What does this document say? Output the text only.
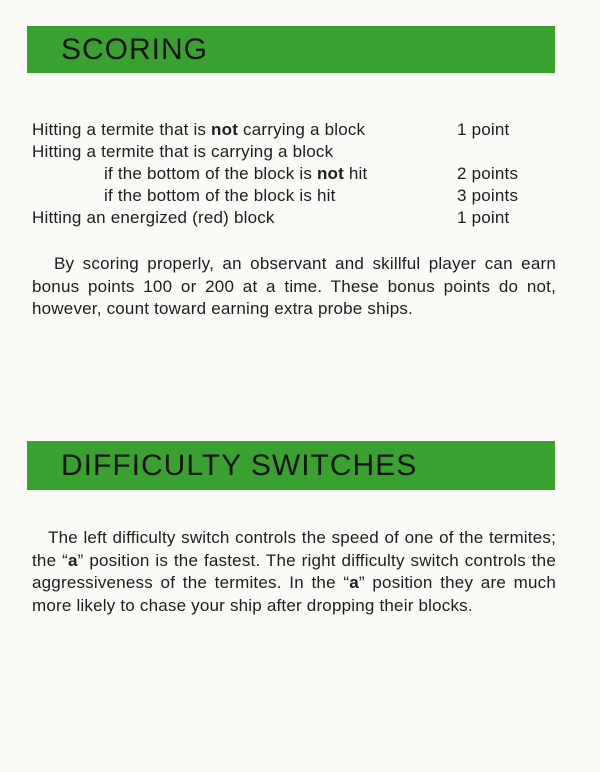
SCORING
Hitting a termite that is not carrying a block	1 point
Hitting a termite that is carrying a block
if the bottom of the block is not hit	2 points
if the bottom of the block is hit	3 points
Hitting an energized (red) block	1 point

By scoring properly, an observant and skillful player can earn bonus points 100 or 200 at a time. These bonus points do not, however, count toward earning extra probe ships.

DIFFICULTY SWITCHES

The left difficulty switch controls the speed of one of the termites; the “a” position is the fastest. The right difficulty switch controls the aggressiveness of the termites. In the “a” position they are much more likely to chase your ship after dropping their blocks.
